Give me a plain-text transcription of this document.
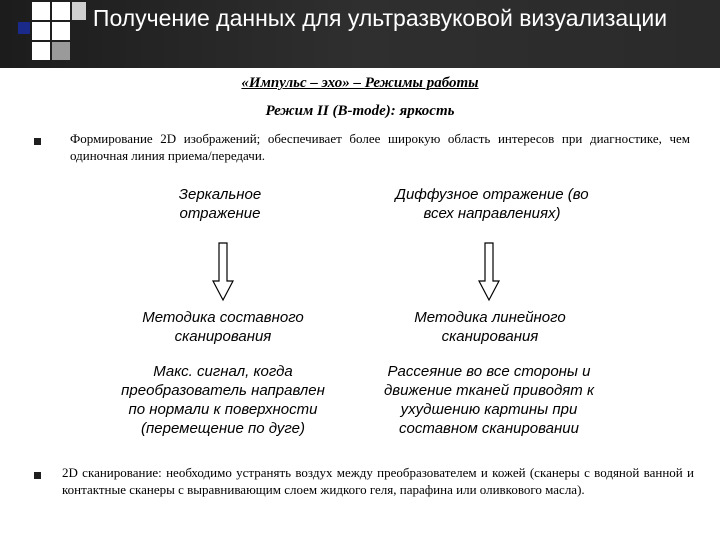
Получение данных для ультразвуковой визуализации
«Импульс – эхо» – Режимы работы
Режим II (B-mode): яркость
Формирование 2D изображений; обеспечивает более широкую область интересов при диагностике, чем одиночная линия приема/передачи.
Зеркальное отражение
Методика составного сканирования
Макс. сигнал, когда преобразователь направлен по нормали к поверхности (перемещение по дуге)
Диффузное отражение (во всех направлениях)
Методика линейного сканирования
Рассеяние во все стороны и движение тканей приводят к ухудшению картины при составном сканировании
2D сканирование: необходимо устранять воздух между преобразователем и кожей (сканеры с водяной ванной и контактные сканеры с выравнивающим слоем жидкого геля, парафина или оливкового масла).
